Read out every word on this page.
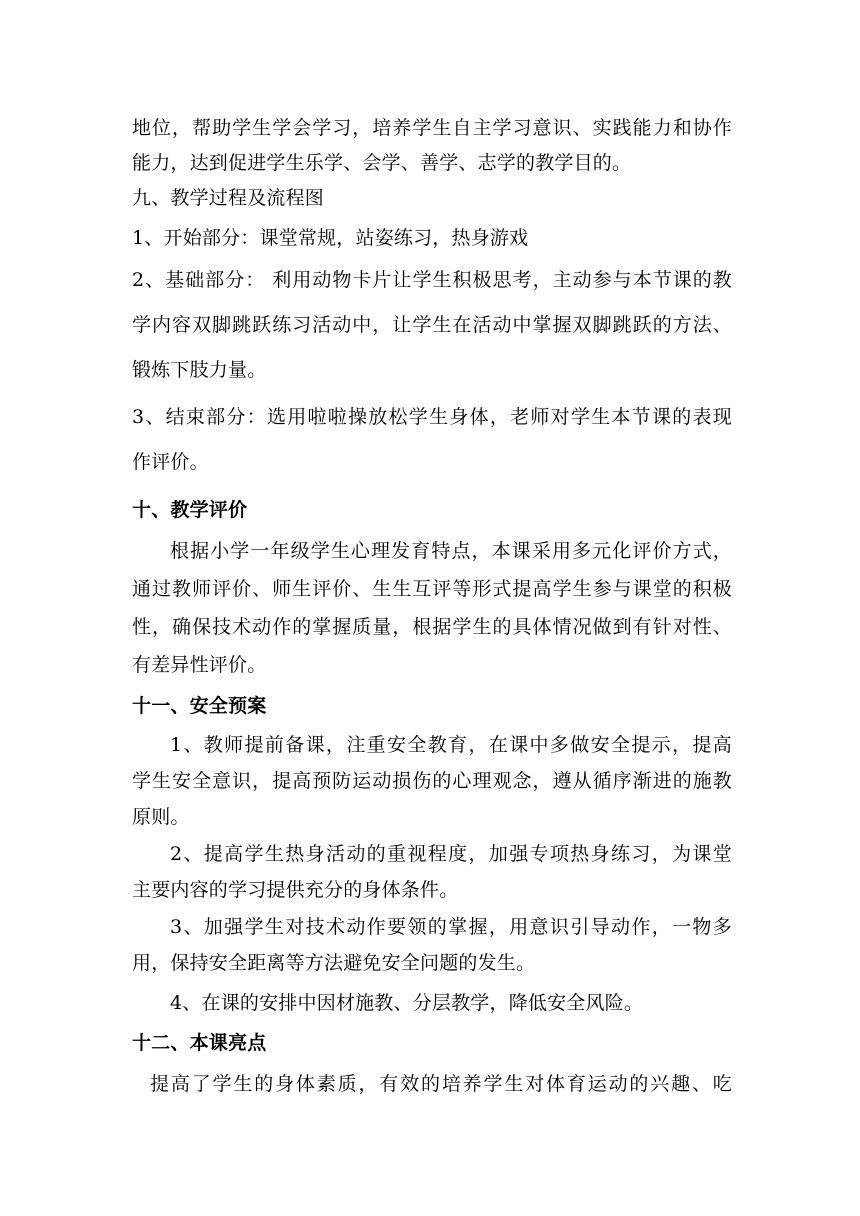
地位，帮助学生学会学习，培养学生自主学习意识、实践能力和协作
能力，达到促进学生乐学、会学、善学、志学的教学目的。
九、教学过程及流程图
1、开始部分：课堂常规，站姿练习，热身游戏
2、基础部分： 利用动物卡片让学生积极思考，主动参与本节课的教
学内容双脚跳跃练习活动中，让学生在活动中掌握双脚跳跃的方法、
锻炼下肢力量。
3、结束部分：选用啦啦操放松学生身体，老师对学生本节课的表现
作评价。
十、教学评价
根据小学一年级学生心理发育特点，本课采用多元化评价方式，
通过教师评价、师生评价、生生互评等形式提高学生参与课堂的积极
性，确保技术动作的掌握质量，根据学生的具体情况做到有针对性、
有差异性评价。
十一、安全预案
1、教师提前备课，注重安全教育，在课中多做安全提示，提高
学生安全意识，提高预防运动损伤的心理观念，遵从循序渐进的施教
原则。
2、提高学生热身活动的重视程度，加强专项热身练习，为课堂
主要内容的学习提供充分的身体条件。
3、加强学生对技术动作要领的掌握，用意识引导动作，一物多
用，保持安全距离等方法避免安全问题的发生。
4、在课的安排中因材施教、分层教学，降低安全风险。
十二、本课亮点
提高了学生的身体素质，有效的培养学生对体育运动的兴趣、吃
